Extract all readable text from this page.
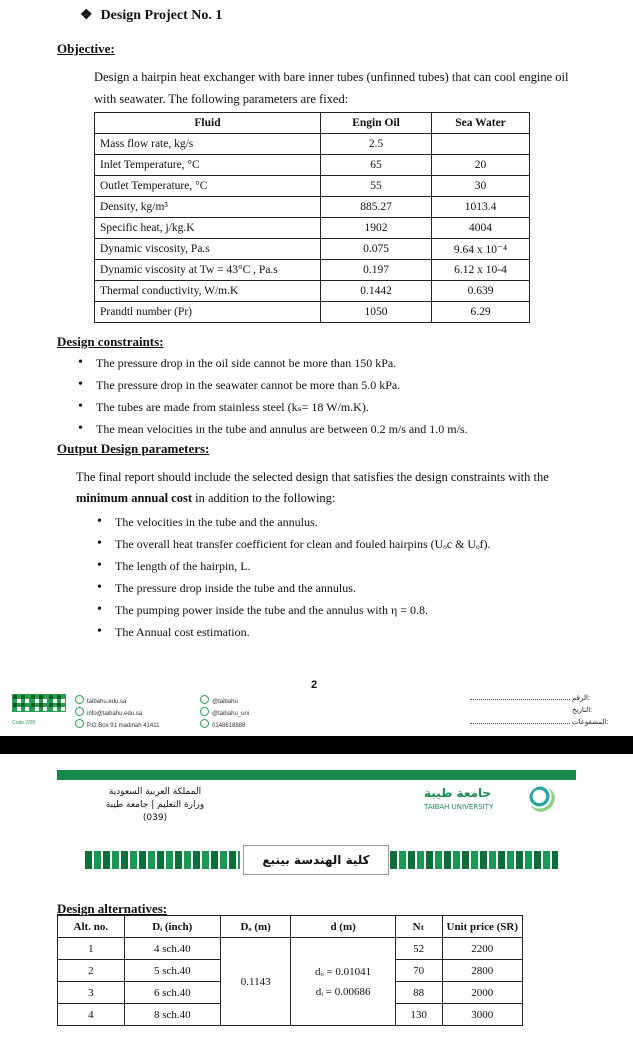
❖ Design Project No. 1
Objective:
Design a hairpin heat exchanger with bare inner tubes (unfinned tubes) that can cool engine oil
with seawater. The following parameters are fixed:
Fluid	Engin Oil	Sea Water
Mass flow rate, kg/s	2.5	
Inlet Temperature, °C	65	20
Outlet Temperature, °C	55	30
Density, kg/m³	885.27	1013.4
Specific heat, j/kg.K	1902	4004
Dynamic viscosity, Pa.s	0.075	9.64 x 10⁻⁴
Dynamic viscosity at Tw = 43°C , Pa.s	0.197	6.12 x 10-4
Thermal conductivity, W/m.K	0.1442	0.639
Prandtl number (Pr)	1050	6.29
Design constraints:
• The pressure drop in the oil side cannot be more than 150 kPa.
• The pressure drop in the seawater cannot be more than 5.0 kPa.
• The tubes are made from stainless steel (kₛ= 18 W/m.K).
• The mean velocities in the tube and annulus are between 0.2 m/s and 1.0 m/s.
Output Design parameters:
The final report should include the selected design that satisfies the design constraints with the
minimum annual cost in addition to the following:
• The velocities in the tube and the annulus.
• The overall heat transfer coefficient for clean and fouled hairpins (Uₒc & Uₒf).
• The length of the hairpin, L.
• The pressure drop inside the tube and the annulus.
• The pumping power inside the tube and the annulus with η = 0.8.
• The Annual cost estimation.
2
Code 2/08
taibahu.edu.sa
info@taibahu.edu.sa
P.O.Box 91 madinah 41411
@taibahu
@taibahu_uni
0148618888
الرقم:
التاريخ:
المشفوعات:
المملكة العربية السعودية
وزارة التعليم | جامعة طيبة
(039)
جامعة طيبة
TAIBAH UNIVERSITY
كلية الهندسة بينبع
Design alternatives:
Alt. no.	Dᵢ (inch)	Dₒ (m)	d (m)	Nₜ	Unit price (SR)
1	4 sch.40	0.1143	dₒ = 0.01041
dᵢ = 0.00686	52	2200
2	5 sch.40			70	2800
3	6 sch.40			88	2000
4	8 sch.40			130	3000
